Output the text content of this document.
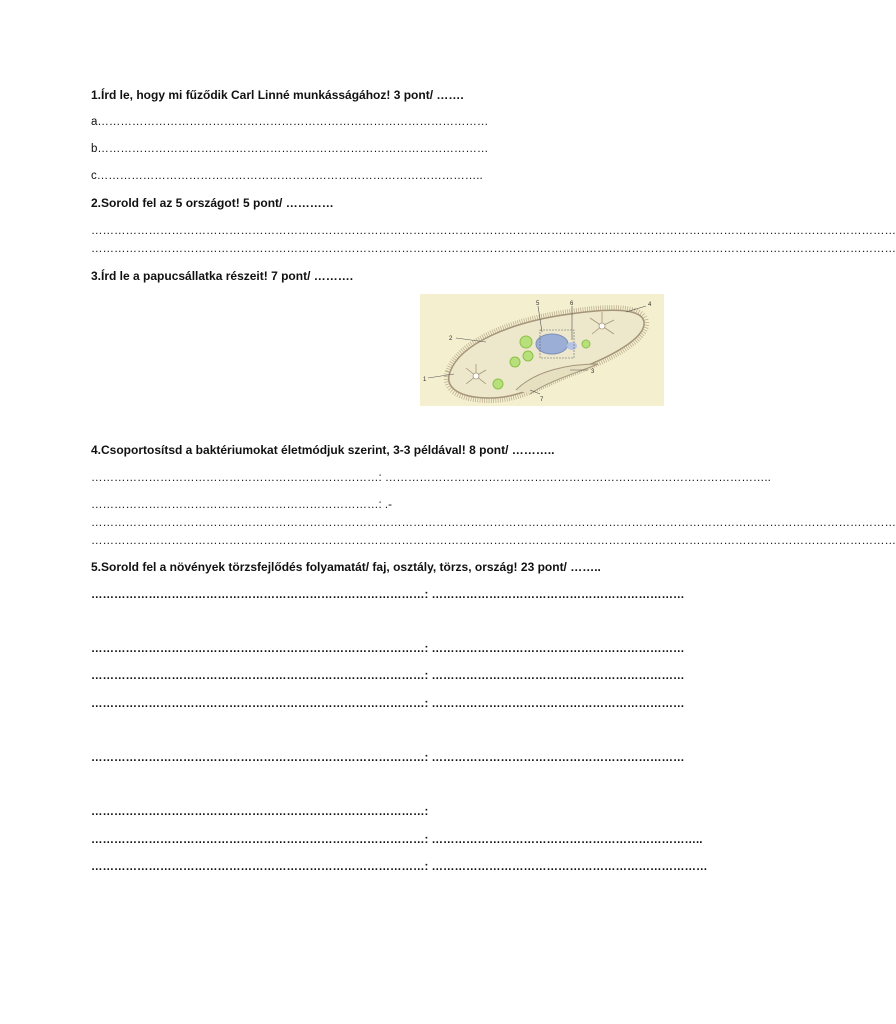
1.Írd le, hogy mi fűződik Carl Linné munkásságához! 3 pont/ …….
a…………………………………………………………………………………………
b…………………………………………………………………………………………
c………………………………………………………………………………………..
2.Sorold fel az 5 országot! 5 pont/ …………
…………………………………………………………………………………………………………………………………………………………………………………………
…………………………………………………………………………………………………………………………………………………………………………………………
3.Írd le a papucsállatka részeit! 7 pont/ ……….
1
2
3
4
5	6
7
4.Csoportosítsd a baktériumokat életmódjuk szerint, 3-3 példával! 8 pont/ ………..
…………………………………………………………………: ………………………………………………………………………………………..
…………………………………………………………………: .-
…………………………………………………………………………………………………………………………………………………………………………………………
…………………………………………………………………………………………………………………………………………………………………………………………
5.Sorold fel a növények törzsfejlődés folyamatát/ faj, osztály, törzs, ország! 23 pont/ ……..
……………………………………………………………………………: …………………………………………………………
……………………………………………………………………………: …………………………………………………………
……………………………………………………………………………: …………………………………………………………
……………………………………………………………………………: …………………………………………………………
……………………………………………………………………………: …………………………………………………………
……………………………………………………………………………:
……………………………………………………………………………: ……………………………………………………………..
……………………………………………………………………………: ………………………………………………………………
